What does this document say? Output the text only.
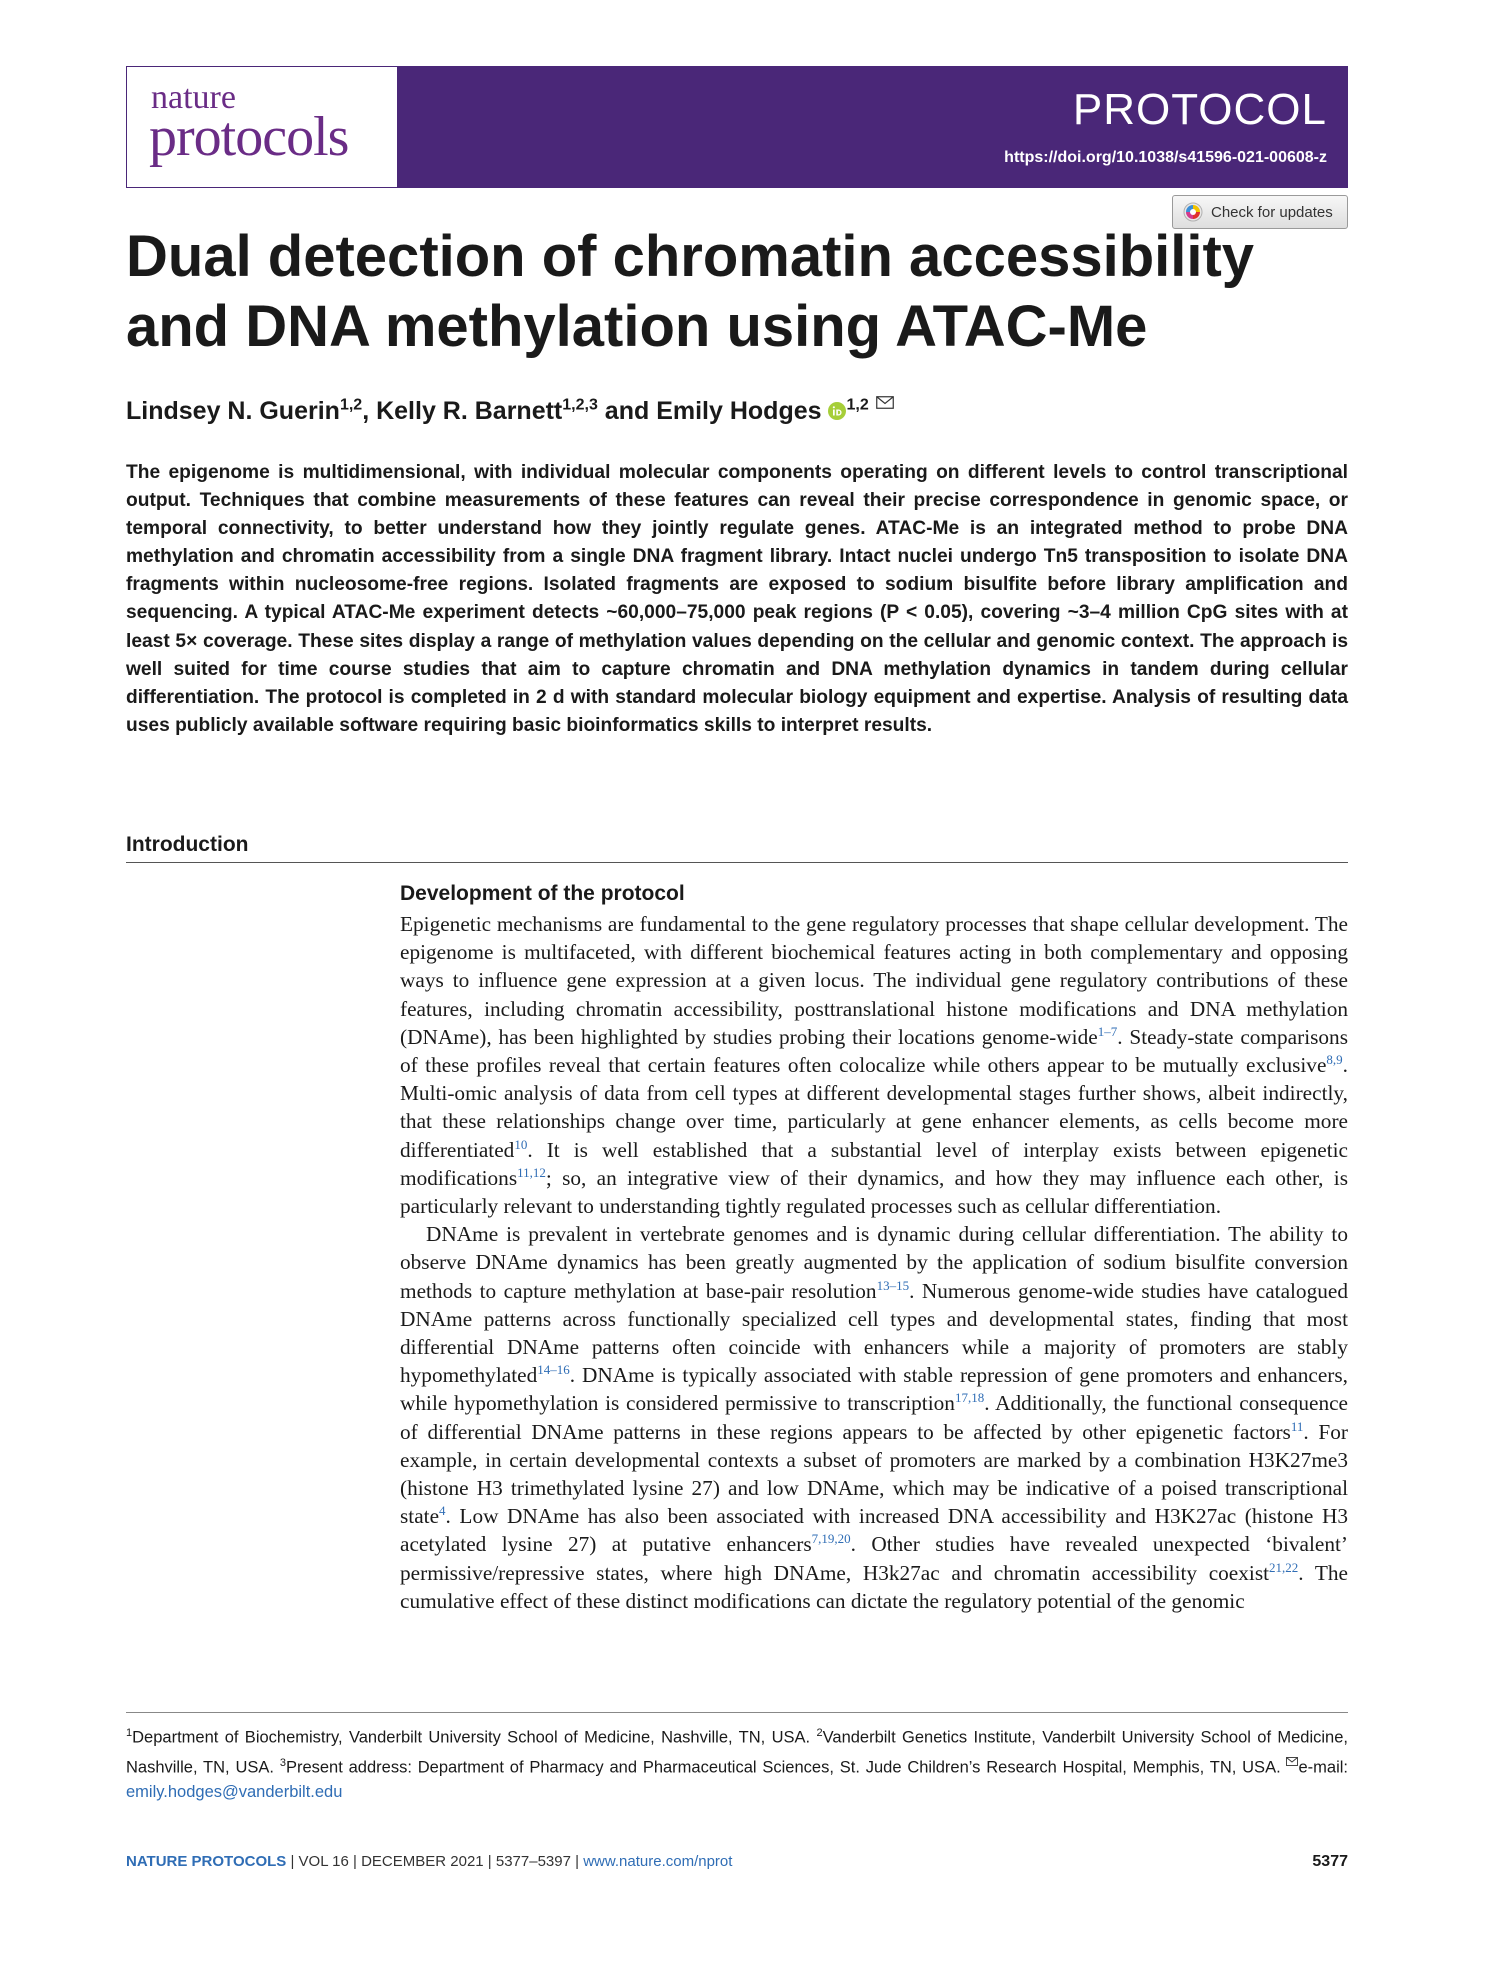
nature
protocols	PROTOCOL
https://doi.org/10.1038/s41596-021-00608-z
Check for updates
Dual detection of chromatin accessibility and DNA methylation using ATAC-Me
Lindsey N. Guerin$^{1,2}$, Kelly R. Barnett$^{1,2,3}$ and Emily Hodges $^{1,2}$

The epigenome is multidimensional, with individual molecular components operating on different levels to control transcriptional output. Techniques that combine measurements of these features can reveal their precise correspondence in genomic space, or temporal connectivity, to better understand how they jointly regulate genes. ATAC-Me is an integrated method to probe DNA methylation and chromatin accessibility from a single DNA fragment library. Intact nuclei undergo Tn5 transposition to isolate DNA fragments within nucleosome-free regions. Isolated fragments are exposed to sodium bisulfite before library amplification and sequencing. A typical ATAC-Me experiment detects ~60,000–75,000 peak regions (P < 0.05), covering ~3–4 million CpG sites with at least 5× coverage. These sites display a range of methylation values depending on the cellular and genomic context. The approach is well suited for time course studies that aim to capture chromatin and DNA methylation dynamics in tandem during cellular differentiation. The protocol is completed in 2 d with standard molecular biology equipment and expertise. Analysis of resulting data uses publicly available software requiring basic bioinformatics skills to interpret results.

Introduction
Development of the protocol

Epigenetic mechanisms are fundamental to the gene regulatory processes that shape cellular development. The epigenome is multifaceted, with different biochemical features acting in both complementary and opposing ways to influence gene expression at a given locus. The individual gene regulatory contributions of these features, including chromatin accessibility, posttranslational histone modifications and DNA methylation (DNAme), has been highlighted by studies probing their locations genome-wide$^{1-7}$. Steady-state comparisons of these profiles reveal that certain features often colocalize while others appear to be mutually exclusive$^{8,9}$. Multi-omic analysis of data from cell types at different developmental stages further shows, albeit indirectly, that these relationships change over time, particularly at gene enhancer elements, as cells become more differentiated$^{10}$. It is well established that a substantial level of interplay exists between epigenetic modifications$^{11,12}$; so, an integrative view of their dynamics, and how they may influence each other, is particularly relevant to understanding tightly regulated processes such as cellular differentiation.

DNAme is prevalent in vertebrate genomes and is dynamic during cellular differentiation. The ability to observe DNAme dynamics has been greatly augmented by the application of sodium bisulfite conversion methods to capture methylation at base-pair resolution$^{13-15}$. Numerous genome-wide studies have catalogued DNAme patterns across functionally specialized cell types and developmental states, finding that most differential DNAme patterns often coincide with enhancers while a majority of promoters are stably hypomethylated$^{14-16}$. DNAme is typically associated with stable repression of gene promoters and enhancers, while hypomethylation is considered permissive to transcription$^{17,18}$. Additionally, the functional consequence of differential DNAme patterns in these regions appears to be affected by other epigenetic factors$^{11}$. For example, in certain developmental contexts a subset of promoters are marked by a combination H3K27me3 (histone H3 trimethylated lysine 27) and low DNAme, which may be indicative of a poised transcriptional state$^4$. Low DNAme has also been associated with increased DNA accessibility and H3K27ac (histone H3 acetylated lysine 27) at putative enhancers$^{7,19,20}$. Other studies have revealed unexpected ‘bivalent’ permissive/repressive states, where high DNAme, H3k27ac and chromatin accessibility coexist$^{21,22}$. The cumulative effect of these distinct modifications can dictate the regulatory potential of the genomic

$^1$Department of Biochemistry, Vanderbilt University School of Medicine, Nashville, TN, USA. $^2$Vanderbilt Genetics Institute, Vanderbilt University School of Medicine, Nashville, TN, USA. $^3$Present address: Department of Pharmacy and Pharmaceutical Sciences, St. Jude Children’s Research Hospital, Memphis, TN, USA. e-mail: emily.hodges@vanderbilt.edu
NATURE PROTOCOLS | VOL 16 | DECEMBER 2021 | 5377–5397 | www.nature.com/nprot	5377
